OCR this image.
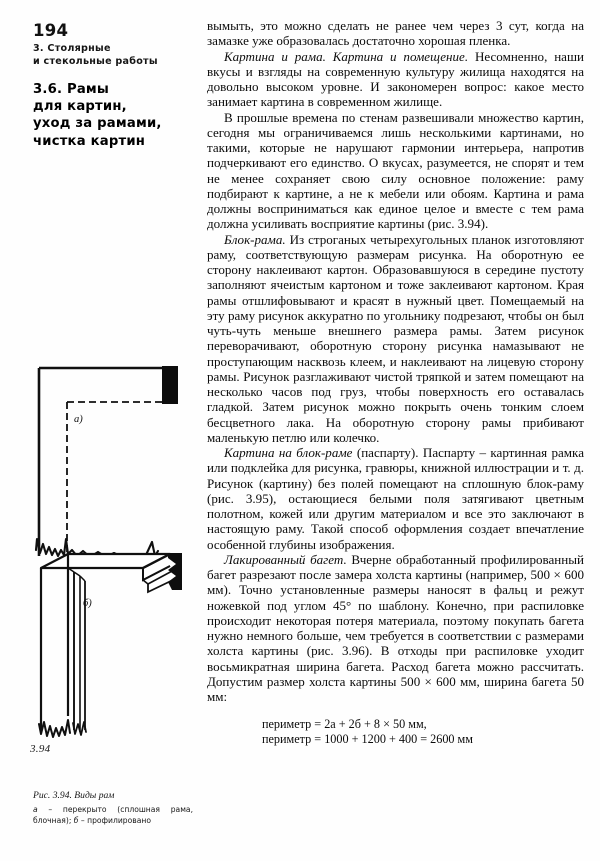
194
3. Столярные
и стекольные работы
3.6. Рамы
для картин,
уход за рамами,
чистка картин
а)
б)
3.94
Рис. 3.94. Виды рам
а – перекрыто (сплошная рама, блочная); б – профилировано

вымыть, это можно сделать не ранее чем через 3 сут, когда на замазке уже образовалась достаточно хорошая пленка.

Картина и рама. Картина и помещение. Несомненно, наши вкусы и взгляды на современную культуру жилища находятся на довольно высоком уровне. И закономерен вопрос: какое место занимает картина в современном жилище.

В прошлые времена по стенам развешивали множество картин, сегодня мы ограничиваемся лишь несколькими картинами, но такими, которые не нарушают гармонии интерьера, напротив подчеркивают его единство. О вкусах, разумеется, не спорят и тем не менее сохраняет свою силу основное положение: раму подбирают к картине, а не к мебели или обоям. Картина и рама должны восприниматься как единое целое и вместе с тем рама должна усиливать восприятие картины (рис. 3.94).

Блок-рама. Из строганых четырехугольных планок изготовляют раму, соответствующую размерам рисунка. На оборотную ее сторону наклеивают картон. Образовавшуюся в середине пустоту заполняют ячеистым картоном и тоже заклеивают картоном. Края рамы отшлифовывают и красят в нужный цвет. Помещаемый на эту раму рисунок аккуратно по угольнику подрезают, чтобы он был чуть-чуть меньше внешнего размера рамы. Затем рисунок переворачивают, оборотную сторону рисунка намазывают не проступающим насквозь клеем, и наклеивают на лицевую сторону рамы. Рисунок разглаживают чистой тряпкой и затем помещают на несколько часов под груз, чтобы поверхность его оставалась гладкой. Затем рисунок можно покрыть очень тонким слоем бесцветного лака. На оборотную сторону рамы прибивают маленькую петлю или колечко.

Картина на блок-раме (паспарту). Паспарту – картинная рамка или подклейка для рисунка, гравюры, книжной иллюстрации и т. д. Рисунок (картину) без полей помещают на сплошную блок-раму (рис. 3.95), остающиеся белыми поля затягивают цветным полотном, кожей или другим материалом и все это заключают в настоящую раму. Такой способ оформления создает впечатление особенной глубины изображения.

Лакированный багет. Вчерне обработанный профилированный багет разрезают после замера холста картины (например, 500 × 600 мм). Точно установленные размеры наносят в фальц и режут ножевкой под углом 45° по шаблону. Конечно, при распиловке происходит некоторая потеря материала, поэтому покупать багета нужно немного больше, чем требуется в соответствии с размерами холста картины (рис. 3.96). В отходы при распиловке уходит восьмикратная ширина багета. Расход багета можно рассчитать. Допустим размер холста картины 500 × 600 мм, ширина багета 50 мм:

периметр = 2а + 2б + 8 × 50 мм,
периметр = 1000 + 1200 + 400 = 2600 мм
